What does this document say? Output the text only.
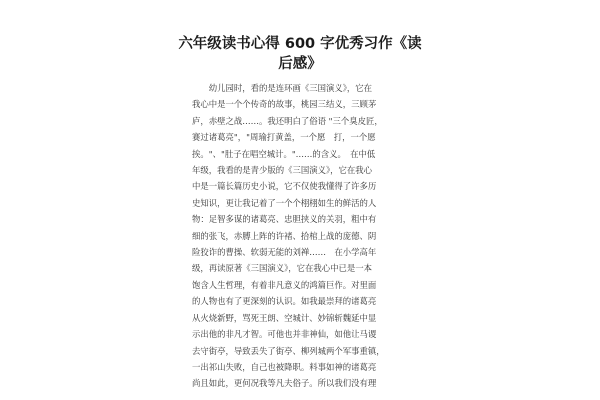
六年级读书心得 600 字优秀习作《读
后感》
　　幼儿园时，看的是连环画《三国演义》，它在
我心中是一个个传奇的故事，桃园三结义，三顾茅
庐，赤壁之战……。我还明白了俗语 "三个臭皮匠，
赛过诸葛亮"，"周瑜打黄盖，一个愿　打，一个愿
挨。"、"肚子在唱空城计。"……的含义。　在中低
年级，我看的是青少版的《三国演义》，它在我心
中是一篇长篇历史小说，它不仅使我懂得了许多历
史知识，更让我记着了一个个栩栩如生的鲜活的人
物：足智多谋的诸葛亮、忠胆挟义的关羽，粗中有
细的张飞，赤膊上阵的许褚、拾棺上战的庞德、阴
险狡诈的曹操、软弱无能的刘禅……　在小学高年
级，再读原著《三国演义》，它在我心中已是一本
饱含人生哲理，有着非凡意义的鸿篇巨作。对里面
的人物也有了更深刻的认识。如我最崇拜的诸葛亮
从火烧新野，骂死王朗、空城计、妙锦斩魏延中显
示出他的非凡才智。可他也并非神仙，如他让马谡
去守街亭，导致丢失了街亭、柳列城两个军事重镇，
一出祁山失败，自己也被降职。料事如神的诸葛亮
尚且如此，更何况我等凡夫俗子。所以我们没有理
